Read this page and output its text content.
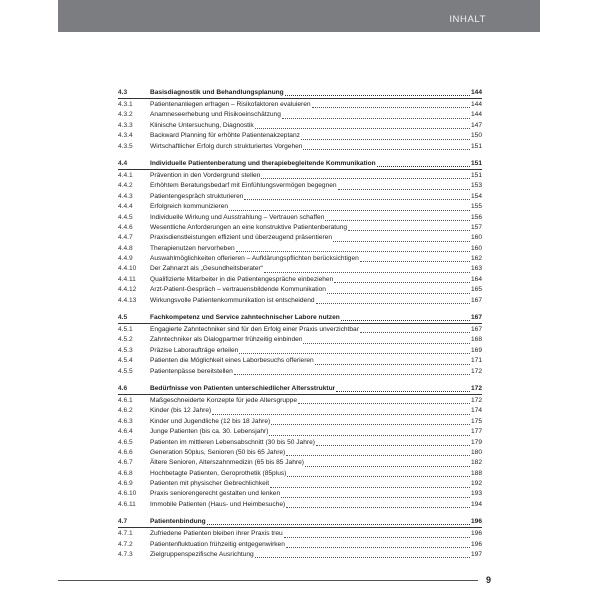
INHALT
4.3	Basisdiagnostik und Behandlungsplanung	144
4.3.1	Patientenanliegen erfragen – Risikofaktoren evaluieren	144
4.3.2	Anamneseerhebung und Risikoeinschätzung	144
4.3.3	Klinische Untersuchung, Diagnostik	147
4.3.4	Backward Planning für erhöhte Patientenakzeptanz	150
4.3.5	Wirtschaftlicher Erfolg durch strukturiertes Vorgehen	151
4.4	Individuelle Patientenberatung und therapiebegleitende Kommunikation	151
4.4.1	Prävention in den Vordergrund stellen	151
4.4.2	Erhöhtem Beratungsbedarf mit Einfühlungsvermögen begegnen	153
4.4.3	Patientengespräch strukturieren	154
4.4.4	Erfolgreich kommunizieren	155
4.4.5	Individuelle Wirkung und Ausstrahlung – Vertrauen schaffen	156
4.4.6	Wesentliche Anforderungen an eine konstruktive Patientenberatung	157
4.4.7	Praxisdienstleistungen effizient und überzeugend präsentieren	160
4.4.8	Therapienutzen hervorheben	160
4.4.9	Auswahlmöglichkeiten offerieren – Aufklärungspflichten berücksichtigen	162
4.4.10	Der Zahnarzt als „Gesundheitsberater“	163
4.4.11	Qualifizierte Mitarbeiter in die Patientengespräche einbeziehen	164
4.4.12	Arzt-Patient-Gespräch – vertrauensbildende Kommunikation	165
4.4.13	Wirkungsvolle Patientenkommunikation ist entscheidend	167
4.5	Fachkompetenz und Service zahntechnischer Labore nutzen	167
4.5.1	Engagierte Zahntechniker sind für den Erfolg einer Praxis unverzichtbar	167
4.5.2	Zahntechniker als Dialogpartner frühzeitig einbinden	168
4.5.3	Präzise Laboraufträge erteilen	169
4.5.4	Patienten die Möglichkeit eines Laborbesuchs offerieren	171
4.5.5	Patientenpässe bereitstellen	172
4.6	Bedürfnisse von Patienten unterschiedlicher Altersstruktur	172
4.6.1	Maßgeschneiderte Konzepte für jede Altersgruppe	172
4.6.2	Kinder (bis 12 Jahre)	174
4.6.3	Kinder und Jugendliche (12 bis 18 Jahre)	175
4.6.4	Junge Patienten (bis ca. 30. Lebensjahr)	177
4.6.5	Patienten im mittleren Lebensabschnitt (30 bis 50 Jahre)	179
4.6.6	Generation 50plus, Senioren (50 bis 65 Jahre)	180
4.6.7	Ältere Senioren, Alterszahnmedizin (65 bis 85 Jahre)	182
4.6.8	Hochbetagte Patienten, Geroprothetik (85plus)	188
4.6.9	Patienten mit physischer Gebrechlichkeit	192
4.6.10	Praxis seniorengerecht gestalten und lenken	193
4.6.11	Immobile Patienten (Haus- und Heimbesuche)	194
4.7	Patientenbindung	196
4.7.1	Zufriedene Patienten bleiben ihrer Praxis treu	196
4.7.2	Patientenfluktuation frühzeitig entgegenwirken	196
4.7.3	Zielgruppenspezifische Ausrichtung	197
9
